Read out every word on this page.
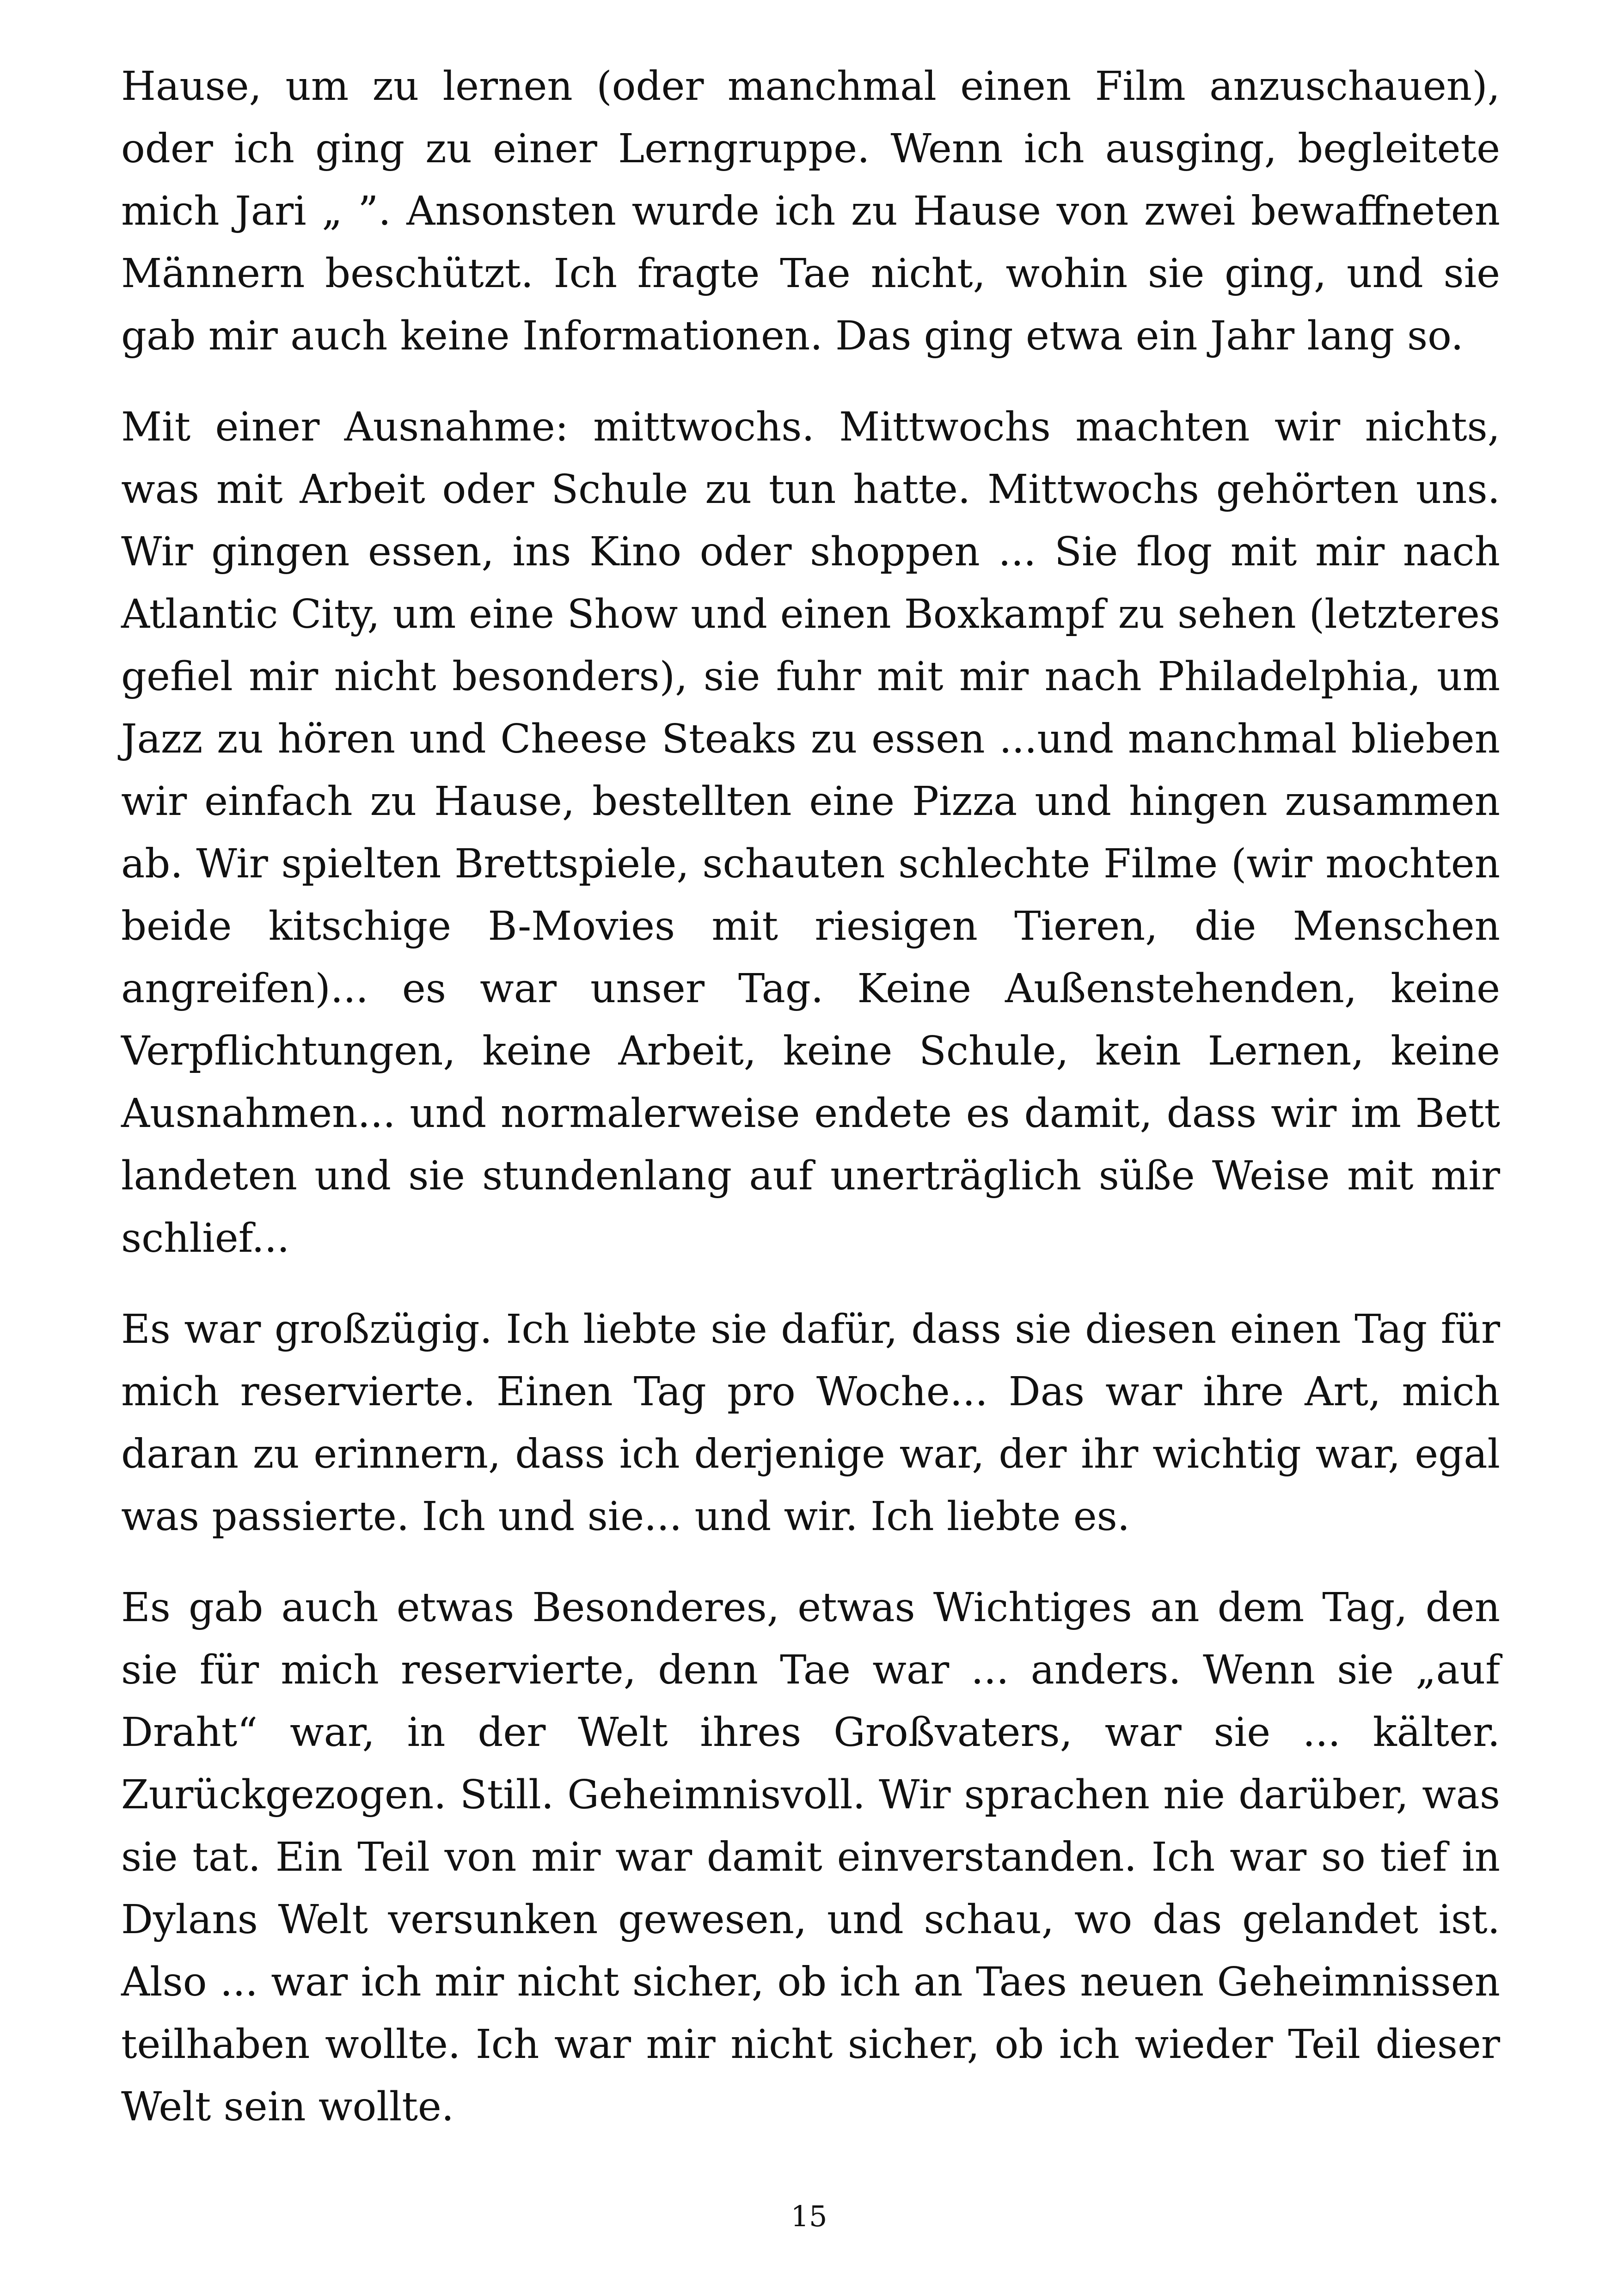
Hause, um zu lernen (oder manchmal einen Film anzuschauen), oder ich ging zu einer Lerngruppe. Wenn ich ausging, begleitete mich Jari „ ”. Ansonsten wurde ich zu Hause von zwei bewaffneten Männern beschützt. Ich fragte Tae nicht, wohin sie ging, und sie gab mir auch keine Informationen. Das ging etwa ein Jahr lang so.

Mit einer Ausnahme: mittwochs. Mittwochs machten wir nichts, was mit Arbeit oder Schule zu tun hatte. Mittwochs gehörten uns. Wir gingen essen, ins Kino oder shoppen ... Sie flog mit mir nach Atlantic City, um eine Show und einen Boxkampf zu sehen (letzteres gefiel mir nicht besonders), sie fuhr mit mir nach Philadelphia, um Jazz zu hören und Cheese Steaks zu essen ...und manchmal blieben wir einfach zu Hause, bestellten eine Pizza und hingen zusammen ab. Wir spielten Brettspiele, schauten schlechte Filme (wir mochten beide kitschige B-Movies mit riesigen Tieren, die Menschen angreifen)... es war unser Tag. Keine Außenstehenden, keine Verpflichtungen, keine Arbeit, keine Schule, kein Lernen, keine Ausnahmen... und normalerweise endete es damit, dass wir im Bett landeten und sie stundenlang auf unerträglich süße Weise mit mir schlief...

Es war großzügig. Ich liebte sie dafür, dass sie diesen einen Tag für mich reservierte. Einen Tag pro Woche... Das war ihre Art, mich daran zu erinnern, dass ich derjenige war, der ihr wichtig war, egal was passierte. Ich und sie... und wir. Ich liebte es.

Es gab auch etwas Besonderes, etwas Wichtiges an dem Tag, den sie für mich reservierte, denn Tae war ... anders. Wenn sie „auf Draht“ war, in der Welt ihres Großvaters, war sie ... kälter. Zurückgezogen. Still. Geheimnisvoll. Wir sprachen nie darüber, was sie tat. Ein Teil von mir war damit einverstanden. Ich war so tief in Dylans Welt versunken gewesen, und schau, wo das gelandet ist. Also ... war ich mir nicht sicher, ob ich an Taes neuen Geheimnissen teilhaben wollte. Ich war mir nicht sicher, ob ich wieder Teil dieser Welt sein wollte.

15
